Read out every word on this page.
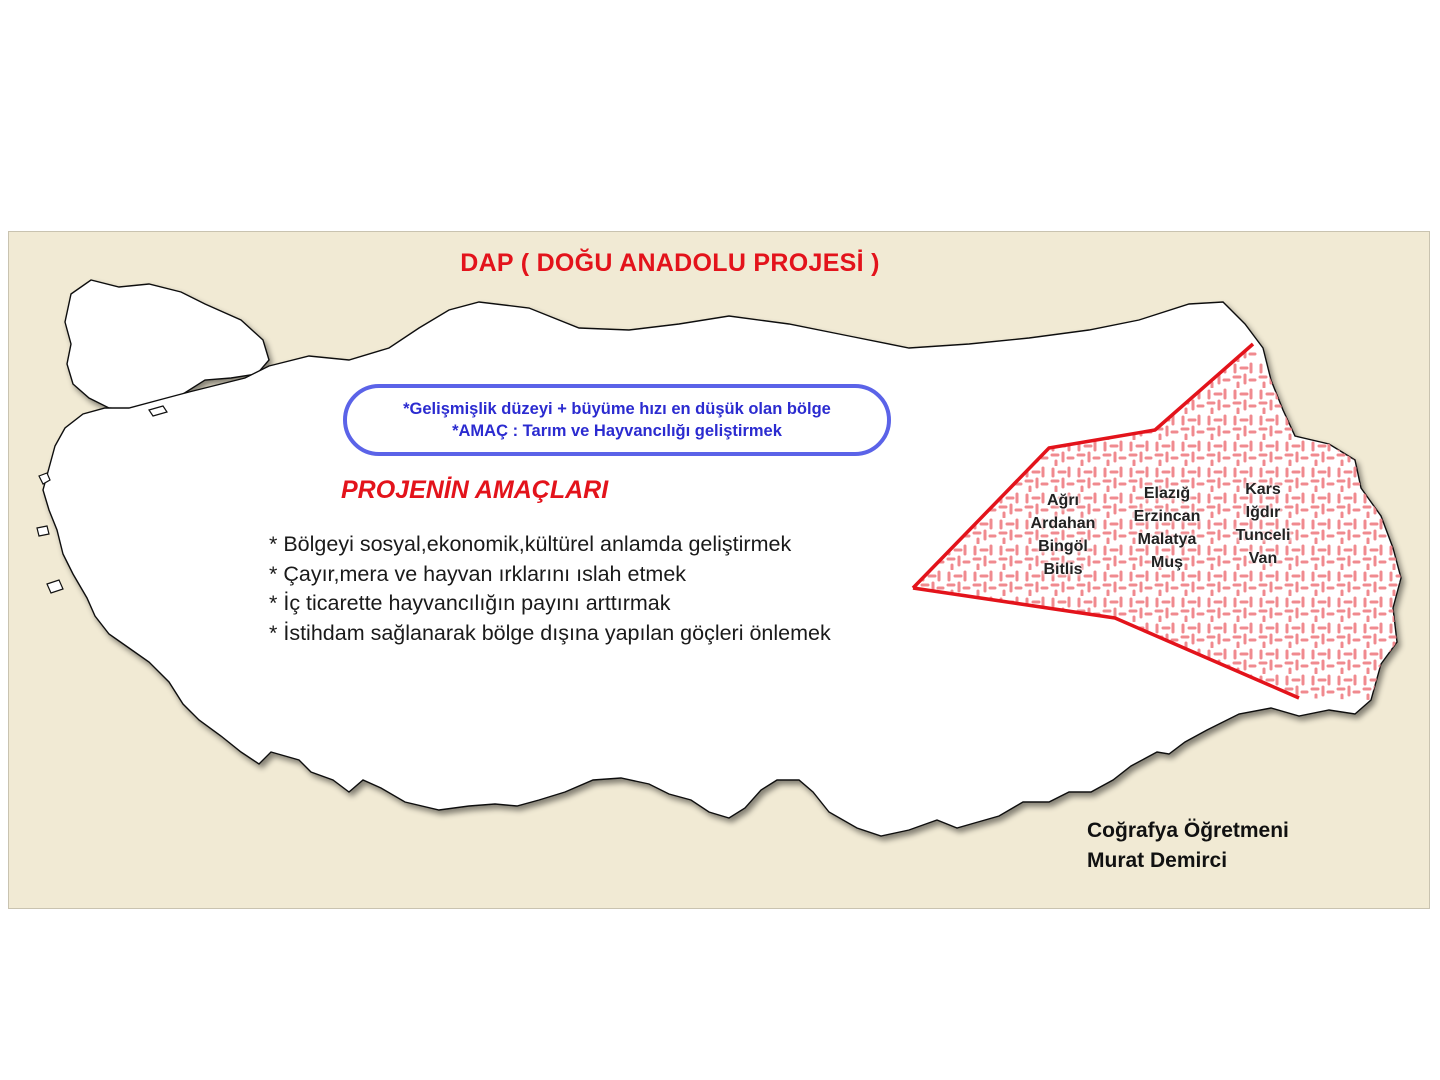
DAP ( DOĞU ANADOLU PROJESİ )
*Gelişmişlik düzeyi + büyüme hızı en düşük olan bölge
*AMAÇ : Tarım ve Hayvancılığı geliştirmek
PROJENİN AMAÇLARI
* Bölgeyi sosyal,ekonomik,kültürel anlamda geliştirmek
* Çayır,mera ve hayvan ırklarını ıslah etmek
* İç ticarette hayvancılığın payını arttırmak
* İstihdam sağlanarak bölge dışına yapılan göçleri önlemek
Ağrı
Ardahan
Bingöl
Bitlis
Elazığ
Erzincan
Malatya
Muş
Kars
Iğdır
Tunceli
Van
Coğrafya Öğretmeni
Murat Demirci
